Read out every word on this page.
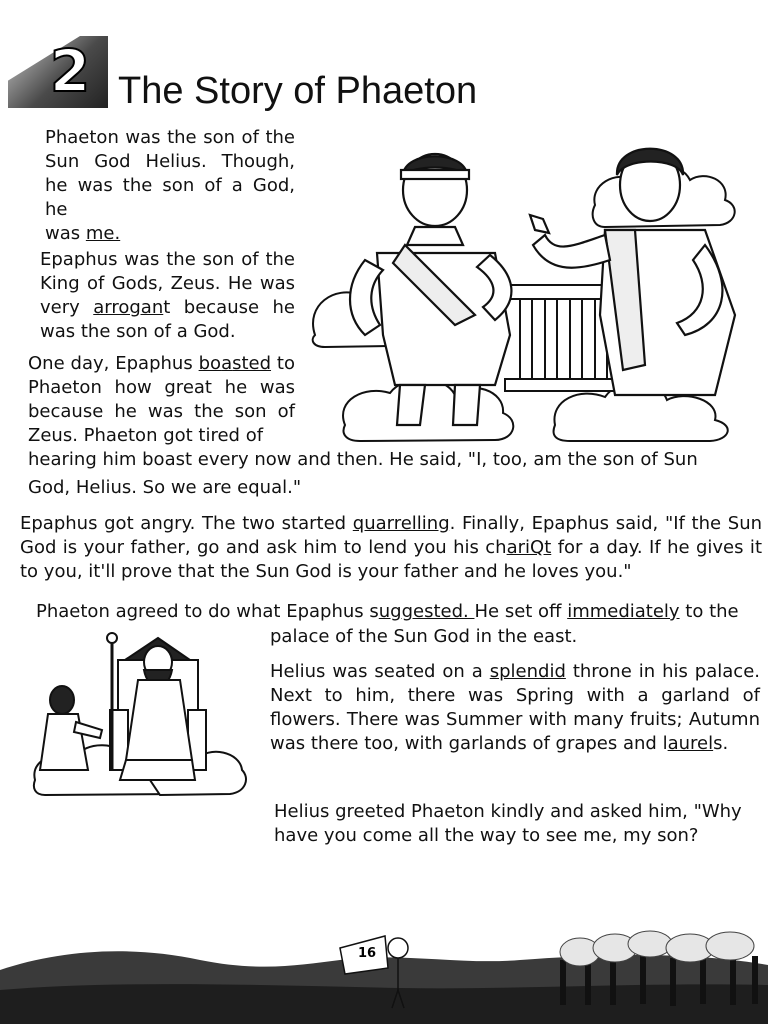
2 The Story of Phaeton

Phaeton was the son of the Sun God Helius. Though, he was the son of a God, he
was me.

Epaphus was the son of the King of Gods, Zeus. He was very arrogant because he was the son of a God.

One day, Epaphus boasted to Phaeton how great he was because he was the son of Zeus. Phaeton got tired of

hearing him boast every now and then. He said, "I, too, am the son of Sun
God, Helius. So we are equal."

Epaphus got angry. The two started quarrelling. Finally, Epaphus said, "If the Sun God is your father, go and ask him to lend you his chariQt for a day. If he gives it to you, it'll prove that the Sun God is your father and he loves you."

Phaeton agreed to do what Epaphus suggested. He set off immediately to the
palace of the Sun God in the east.

Helius was seated on a splendid throne in his palace. Next to him, there was Spring with a garland of flowers. There was Summer with many fruits; Autumn was there too, with garlands of grapes and laurels.

Helius greeted Phaeton kindly and asked him, "Why have you come all the way to see me, my son?

16
